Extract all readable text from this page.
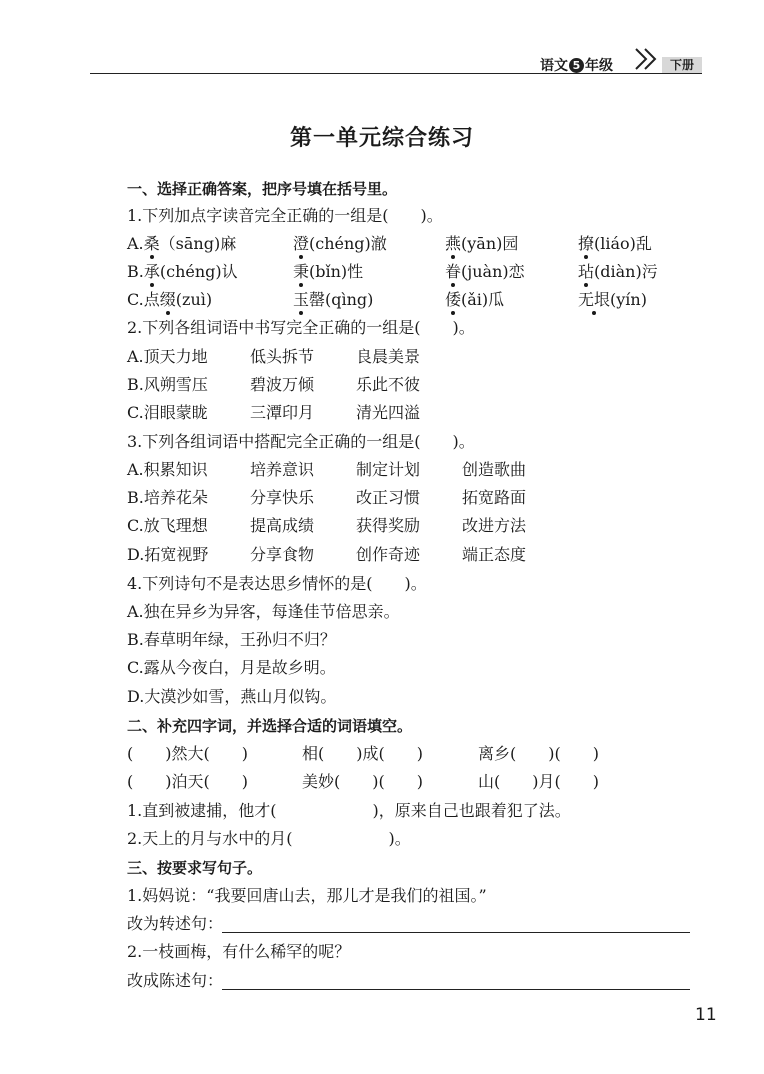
语文 5 年级	下册
第一单元综合练习
一、选择正确答案，把序号填在括号里。
1.下列加点字读音完全正确的一组是(　　)。
A.桑（sāng)麻	澄(chéng)澈	燕(yān)园	撩(liáo)乱
B.承(chéng)认	秉(bǐn)性	眷(juàn)恋	玷(diàn)污
C.点缀(zuì)	玉罄(qìng)	倭(ǎi)瓜	无垠(yín)
2.下列各组词语中书写完全正确的一组是(　　)。
A.顶天力地	低头拆节	良晨美景
B.风朔雪压	碧波万倾	乐此不彼
C.泪眼蒙眬	三潭印月	清光四溢
3.下列各组词语中搭配完全正确的一组是(　　)。
A.积累知识	培养意识	制定计划	创造歌曲
B.培养花朵	分享快乐	改正习惯	拓宽路面
C.放飞理想	提高成绩	获得奖励	改进方法
D.拓宽视野	分享食物	创作奇迹	端正态度
4.下列诗句不是表达思乡情怀的是(　　)。
A.独在异乡为异客，每逢佳节倍思亲。
B.春草明年绿，王孙归不归？
C.露从今夜白，月是故乡明。
D.大漠沙如雪，燕山月似钩。
二、补充四字词，并选择合适的词语填空。
(　　)然大(　　)	相(　　)成(　　)	离乡(　　)(　　)
(　　)泊天(　　)	美妙(　　)(　　)	山(　　)月(　　)
1.直到被逮捕，他才(　　　　　　)，原来自己也跟着犯了法。
2.天上的月与水中的月(　　　　　　)。
三、按要求写句子。
1.妈妈说：“我要回唐山去，那儿才是我们的祖国。”
改为转述句：
2.一枝画梅，有什么稀罕的呢？
改成陈述句：
11
